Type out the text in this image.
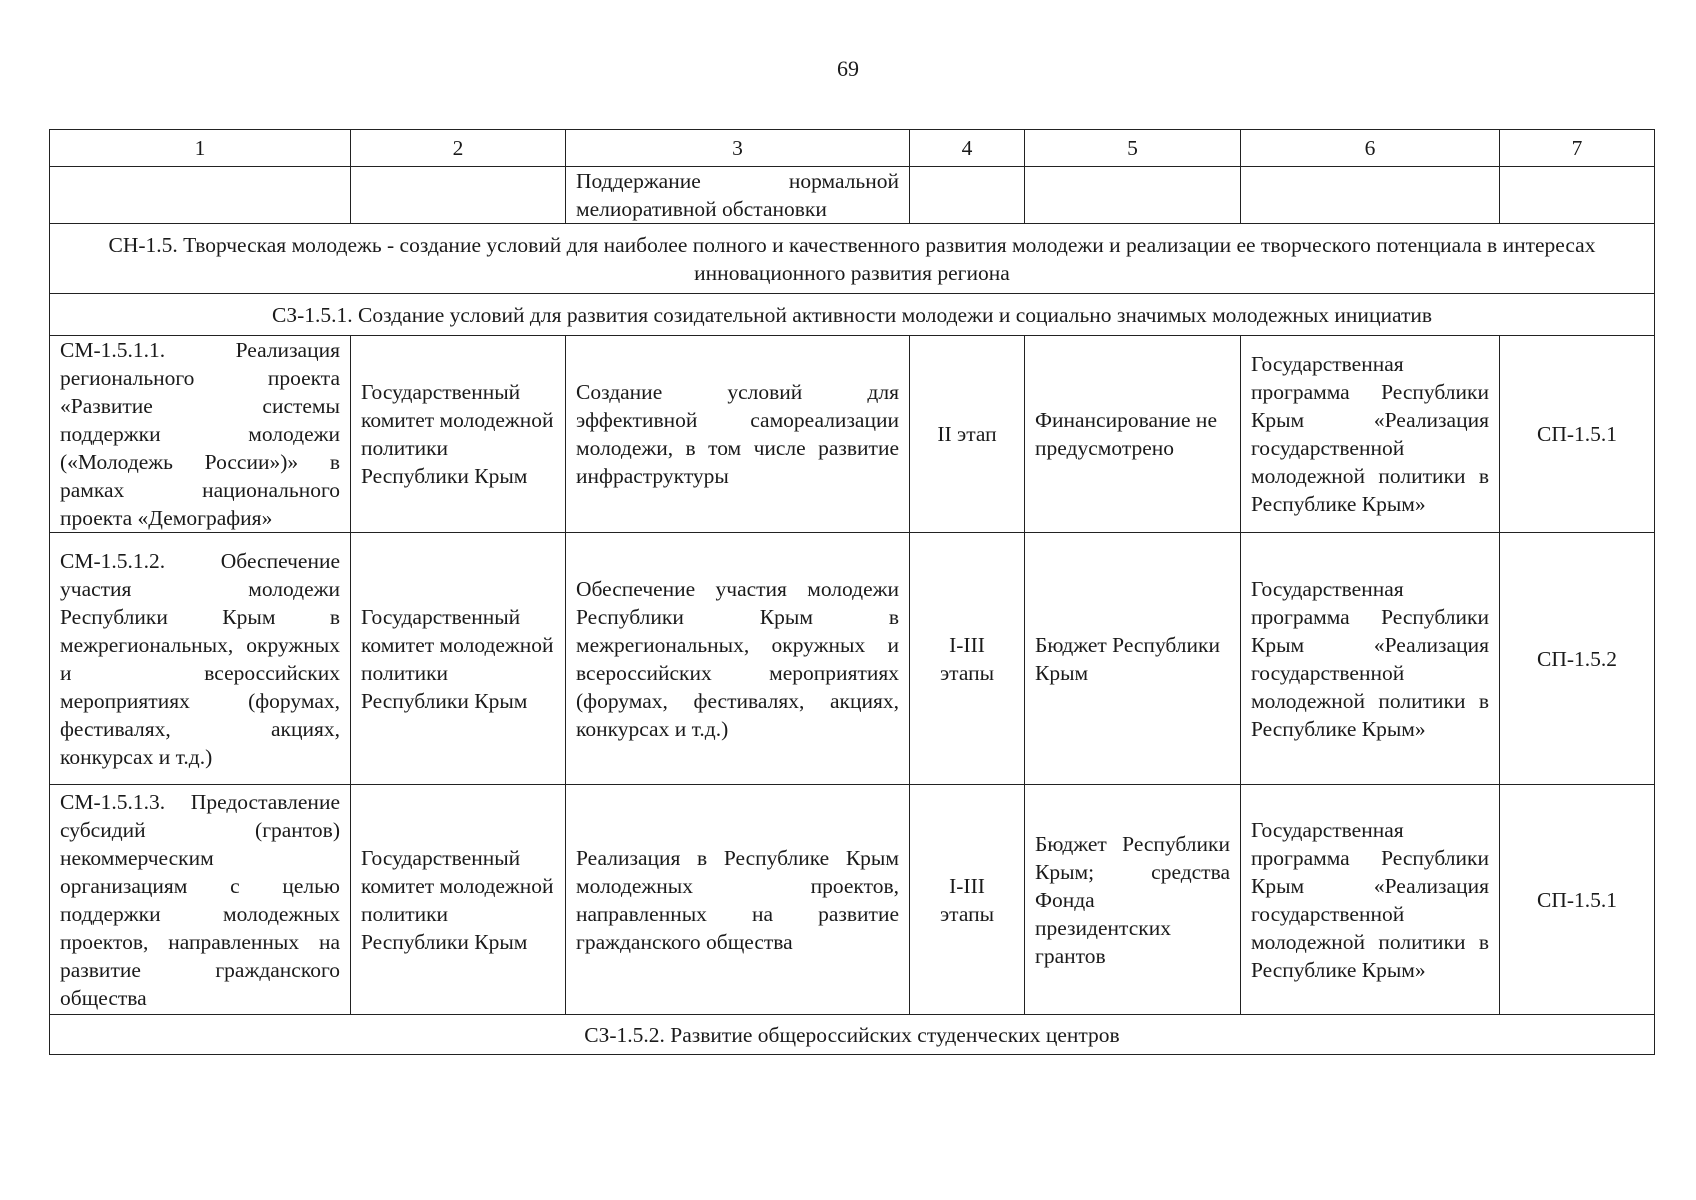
69
1	2	3	4	5	6	7
		Поддержание нормальной мелиоративной обстановки				
СН-1.5. Творческая молодежь - создание условий для наиболее полного и качественного развития молодежи и реализации ее творческого потенциала в интересах инновационного развития региона						
СЗ-1.5.1. Создание условий для развития созидательной активности молодежи и социально значимых молодежных инициатив						
СМ-1.5.1.1. Реализация регионального проекта «Развитие системы поддержки молодежи («Молодежь России»)» в рамках национального проекта «Демография»	Государственный комитет молодежной политики Республики Крым	Создание условий для эффективной самореализации молодежи, в том числе развитие инфраструктуры	II этап	Финансирование не предусмотрено	Государственная программа Республики Крым «Реализация государственной молодежной политики в Республике Крым»	СП-1.5.1
СМ-1.5.1.2. Обеспечение участия молодежи Республики Крым в межрегиональных, окружных и всероссийских мероприятиях (форумах, фестивалях, акциях, конкурсах и т.д.)	Государственный комитет молодежной политики Республики Крым	Обеспечение участия молодежи Республики Крым в межрегиональных, окружных и всероссийских мероприятиях (форумах, фестивалях, акциях, конкурсах и т.д.)	I-III этапы	Бюджет Республики Крым	Государственная программа Республики Крым «Реализация государственной молодежной политики в Республике Крым»	СП-1.5.2
СМ-1.5.1.3. Предоставление субсидий (грантов) некоммерческим организациям с целью поддержки молодежных проектов, направленных на развитие гражданского общества	Государственный комитет молодежной политики Республики Крым	Реализация в Республике Крым молодежных проектов, направленных на развитие гражданского общества	I-III этапы	Бюджет Республики Крым; средства Фонда президентских грантов	Государственная программа Республики Крым «Реализация государственной молодежной политики в Республике Крым»	СП-1.5.1
СЗ-1.5.2. Развитие общероссийских студенческих центров						
